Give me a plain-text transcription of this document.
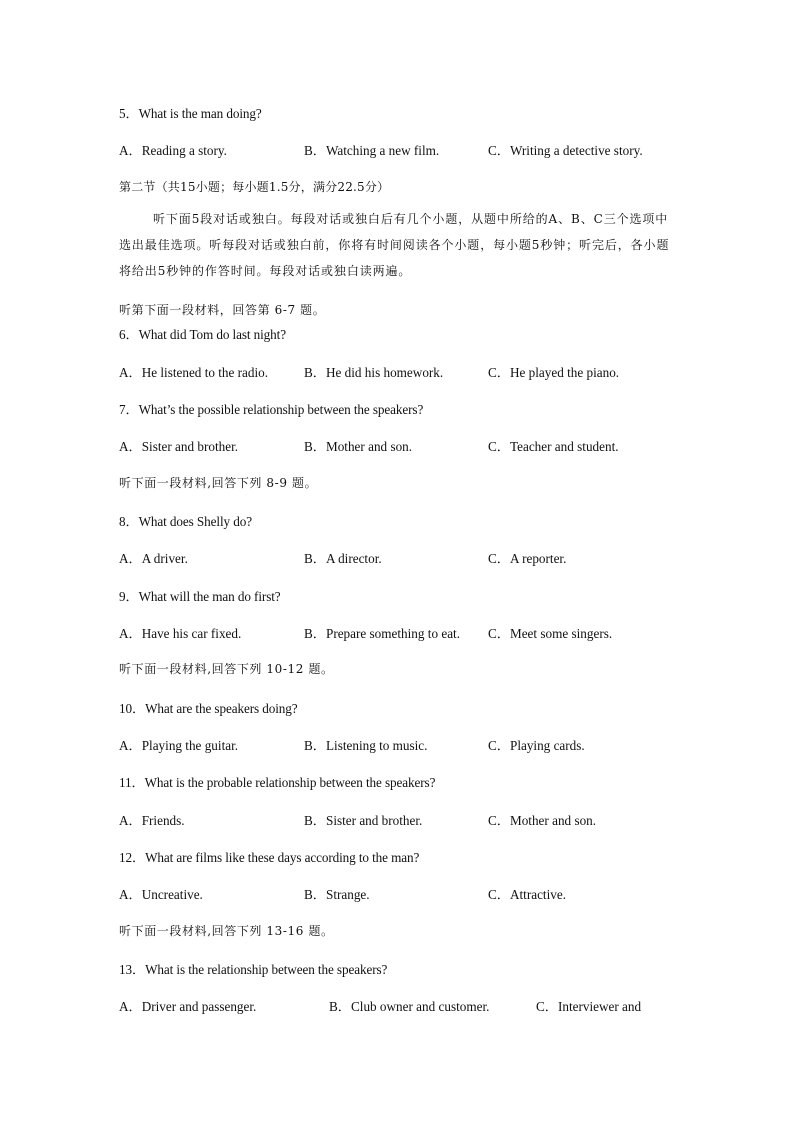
5．What is the man doing?
A．Reading a story.	B．Watching a new film.	C．Writing a detective story.
第二节（共15小题；每小题1.5分，满分22.5分）
听下面5段对话或独白。每段对话或独白后有几个小题，从题中所给的A、B、C三个选项中选出最佳选项。听每段对话或独白前，你将有时间阅读各个小题，每小题5秒钟；听完后，各小题将给出5秒钟的作答时间。每段对话或独白读两遍。
听第下面一段材料，回答第 6-7 题。
6．What did Tom do last night?
A．He listened to the radio.	B．He did his homework.	C．He played the piano.
7．What’s the possible relationship between the speakers?
A．Sister and brother.	B．Mother and son.	C．Teacher and student.
听下面一段材料,回答下列 8-9 题。
8．What does Shelly do?
A．A driver.	B．A director.	C．A reporter.
9．What will the man do first?
A．Have his car fixed.	B．Prepare something to eat. C．Meet some singers.
听下面一段材料,回答下列 10-12 题。
10．What are the speakers doing?
A．Playing the guitar.	B．Listening to music.	C．Playing cards.
11．What is the probable relationship between the speakers?
A．Friends.	B．Sister and brother.	C．Mother and son.
12．What are films like these days according to the man?
A．Uncreative.	B．Strange.	C．Attractive.
听下面一段材料,回答下列 13-16 题。
13．What is the relationship between the speakers?
A．Driver and passenger.	B．Club owner and customer.	C．Interviewer and
